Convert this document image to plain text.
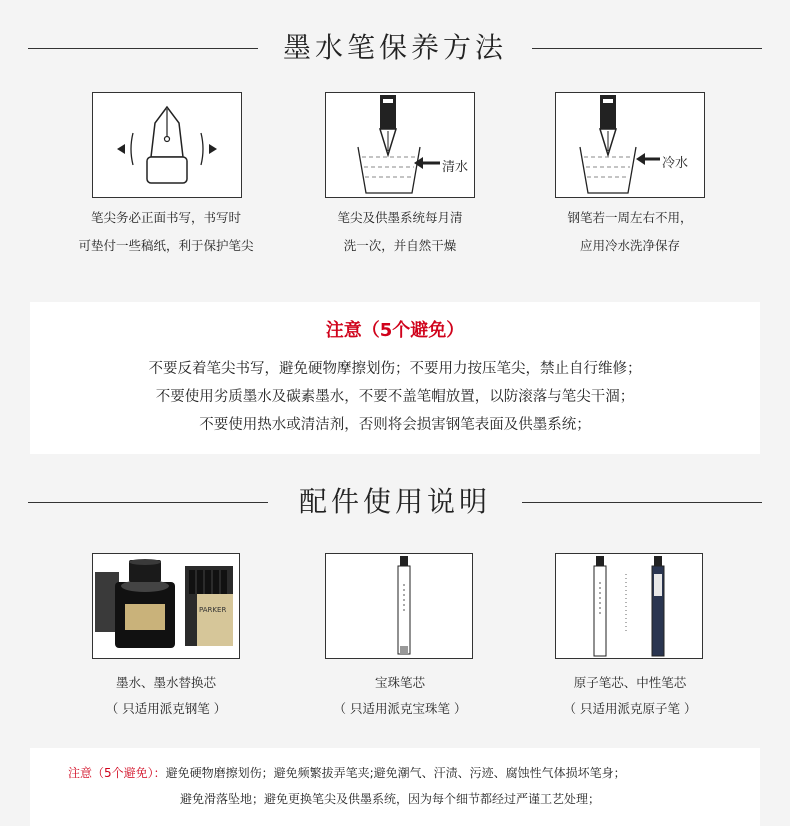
墨水笔保养方法
笔尖务必正面书写，书写时
可垫付一些稿纸，利于保护笔尖
清水
笔尖及供墨系统每月清
洗一次，并自然干燥
冷水
钢笔若一周左右不用，
应用冷水洗净保存
注意（5个避免）
不要反着笔尖书写，避免硬物摩擦划伤；不要用力按压笔尖，禁止自行维修；
不要使用劣质墨水及碳素墨水，不要不盖笔帽放置，以防滚落与笔尖干涸；
不要使用热水或清洁剂，否则将会损害钢笔表面及供墨系统；
配件使用说明
PARKER
墨水、墨水替换芯
（ 只适用派克钢笔 ）
宝珠笔芯
（ 只适用派克宝珠笔 ）
原子笔芯、中性笔芯
（ 只适用派克原子笔 ）
注意（5个避免）：避免硬物磨擦划伤；避免频繁拔弄笔夹;避免潮气、汗渍、污迹、腐蚀性气体损坏笔身；
避免滑落坠地；避免更换笔尖及供墨系统，因为每个细节都经过严谨工艺处理；
